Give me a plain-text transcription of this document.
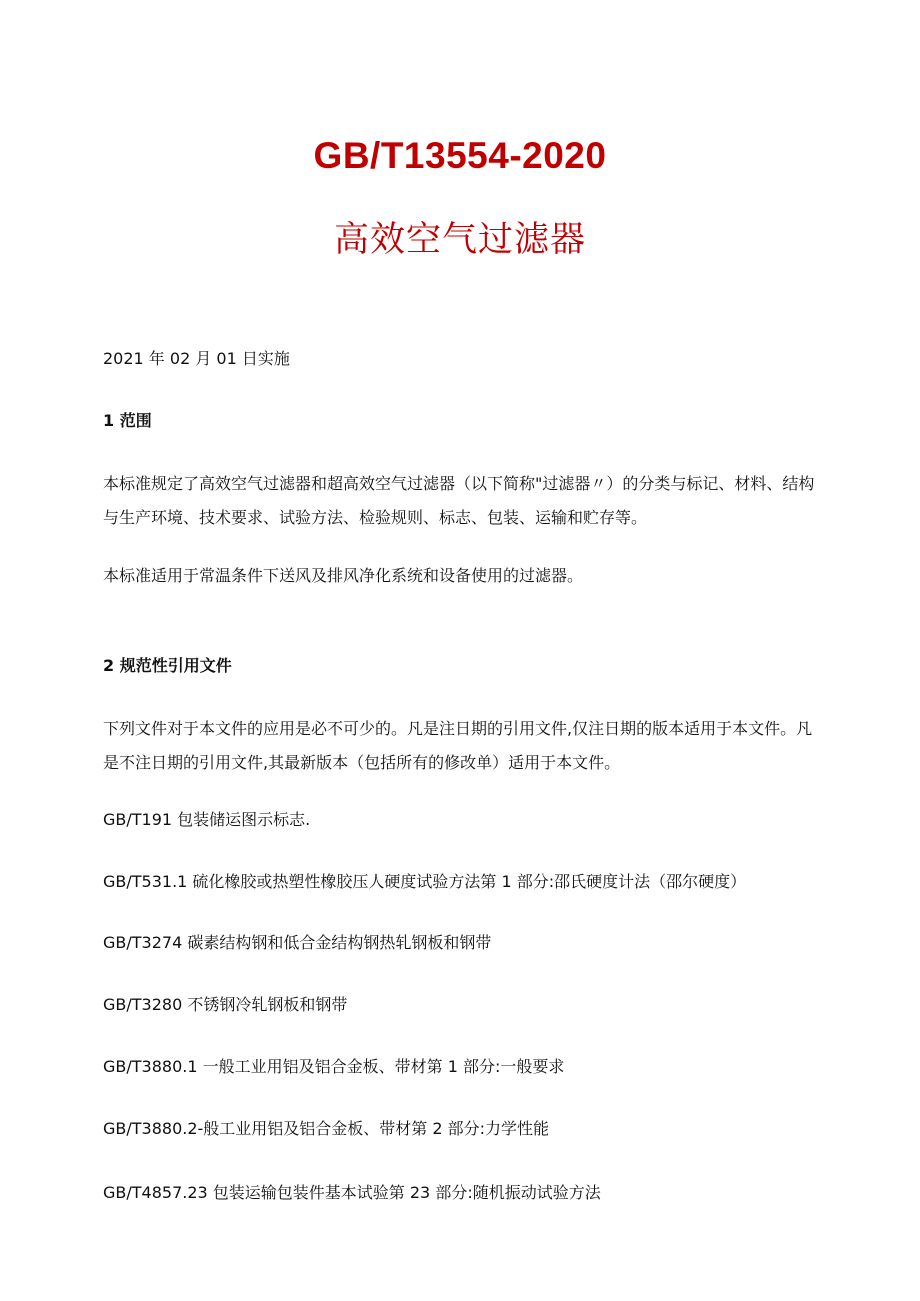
GB/T13554-2020
高效空气过滤器
2021 年 02 月 01 日实施
1 范围
本标准规定了高效空气过滤器和超高效空气过滤器（以下简称"过滤器〃）的分类与标记、材料、结构与生产环境、技术要求、试验方法、检验规则、标志、包装、运输和贮存等。
本标准适用于常温条件下送风及排风净化系统和设备使用的过滤器。
2 规范性引用文件
下列文件对于本文件的应用是必不可少的。凡是注日期的引用文件,仅注日期的版本适用于本文件。凡是不注日期的引用文件,其最新版本（包括所有的修改单）适用于本文件。
GB/T191 包装储运图示标志.
GB/T531.1 硫化橡胶或热塑性橡胶压人硬度试验方法第 1 部分:邵氏硬度计法（邵尔硬度）
GB/T3274 碳素结构钢和低合金结构钢热轧钢板和钢带
GB/T3280 不锈钢冷轧钢板和钢带
GB/T3880.1 一般工业用铝及铝合金板、带材第 1 部分:一般要求
GB/T3880.2-般工业用铝及铝合金板、带材第 2 部分:力学性能
GB/T4857.23 包装运输包装件基本试验第 23 部分:随机振动试验方法
